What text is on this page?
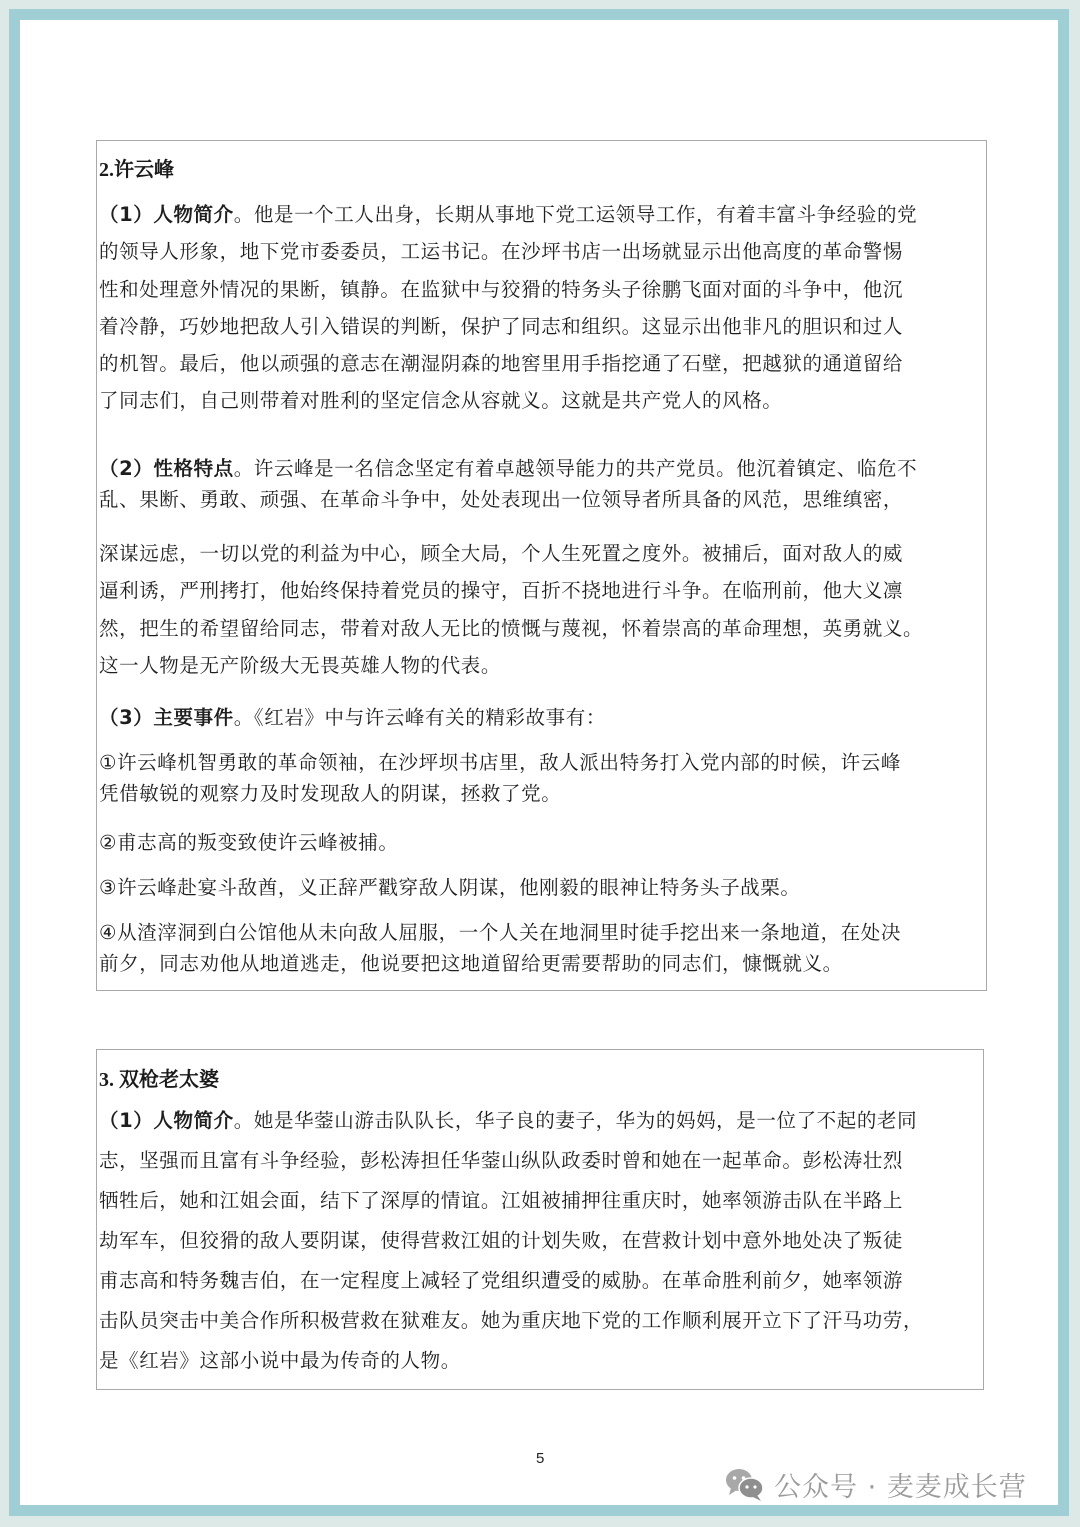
2.许云峰
（1）人物简介。他是一个工人出身，长期从事地下党工运领导工作，有着丰富斗争经验的党
的领导人形象，地下党市委委员，工运书记。在沙坪书店一出场就显示出他高度的革命警惕
性和处理意外情况的果断，镇静。在监狱中与狡猾的特务头子徐鹏飞面对面的斗争中，他沉
着冷静，巧妙地把敌人引入错误的判断，保护了同志和组织。这显示出他非凡的胆识和过人
的机智。最后，他以顽强的意志在潮湿阴森的地窖里用手指挖通了石壁，把越狱的通道留给
了同志们，自己则带着对胜利的坚定信念从容就义。这就是共产党人的风格。
（2）性格特点。许云峰是一名信念坚定有着卓越领导能力的共产党员。他沉着镇定、临危不
乱、果断、勇敢、顽强、在革命斗争中，处处表现出一位领导者所具备的风范，思维缜密，
深谋远虑，一切以党的利益为中心，顾全大局，个人生死置之度外。被捕后，面对敌人的威
逼利诱，严刑拷打，他始终保持着党员的操守，百折不挠地进行斗争。在临刑前，他大义凛
然，把生的希望留给同志，带着对敌人无比的愤慨与蔑视，怀着崇高的革命理想，英勇就义。
这一人物是无产阶级大无畏英雄人物的代表。
（3）主要事件。《红岩》中与许云峰有关的精彩故事有：
①许云峰机智勇敢的革命领袖，在沙坪坝书店里，敌人派出特务打入党内部的时候，许云峰
凭借敏锐的观察力及时发现敌人的阴谋，拯救了党。
②甫志高的叛变致使许云峰被捕。
③许云峰赴宴斗敌酋，义正辞严戳穿敌人阴谋，他刚毅的眼神让特务头子战栗。
④从渣滓洞到白公馆他从未向敌人屈服，一个人关在地洞里时徒手挖出来一条地道，在处决
前夕，同志劝他从地道逃走，他说要把这地道留给更需要帮助的同志们，慷慨就义。
3. 双枪老太婆
（1）人物简介。她是华蓥山游击队队长，华子良的妻子，华为的妈妈，是一位了不起的老同
志，坚强而且富有斗争经验，彭松涛担任华蓥山纵队政委时曾和她在一起革命。彭松涛壮烈
牺牲后，她和江姐会面，结下了深厚的情谊。江姐被捕押往重庆时，她率领游击队在半路上
劫军车，但狡猾的敌人要阴谋，使得营救江姐的计划失败，在营救计划中意外地处决了叛徒
甫志高和特务魏吉伯，在一定程度上减轻了党组织遭受的威胁。在革命胜利前夕，她率领游
击队员突击中美合作所积极营救在狱难友。她为重庆地下党的工作顺利展开立下了汗马功劳，
是《红岩》这部小说中最为传奇的人物。
5
公众号 · 麦麦成长营
